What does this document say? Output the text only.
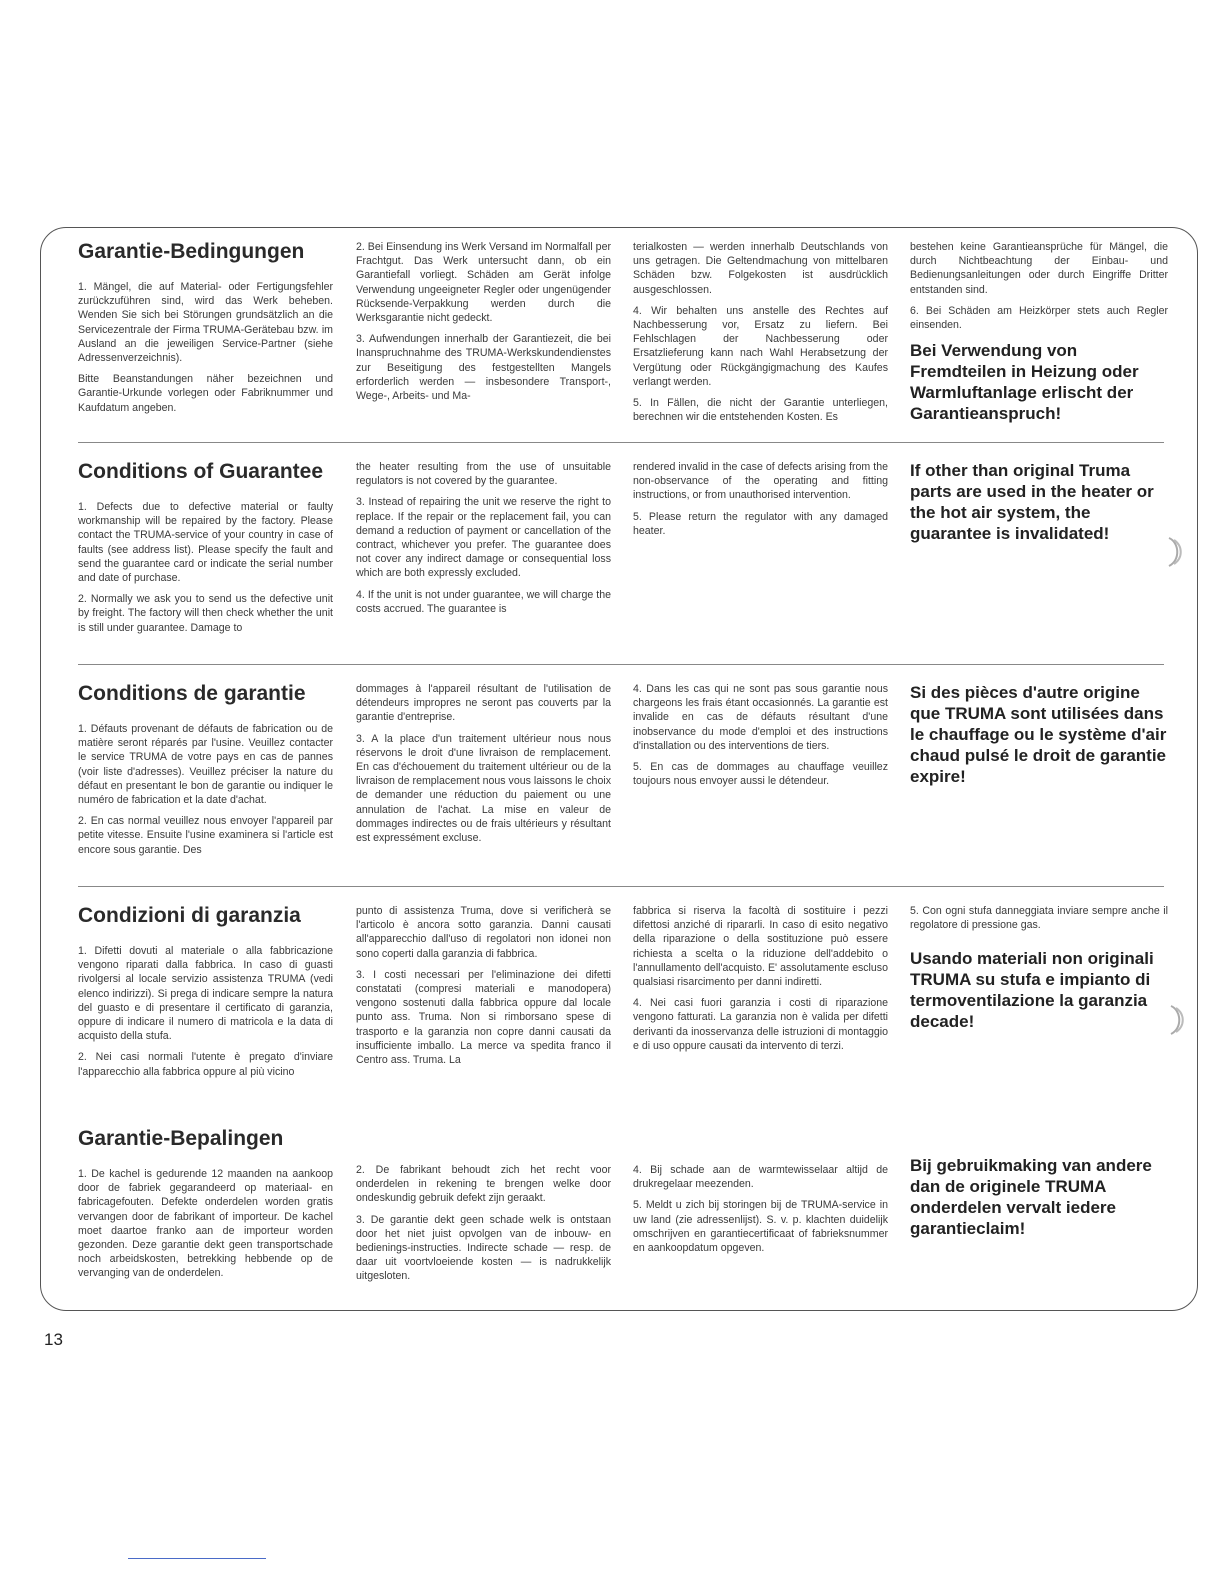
Garantie-Bedingungen

1. Mängel, die auf Material- oder Fertigungsfehler zurückzuführen sind, wird das Werk beheben. Wenden Sie sich bei Störungen grundsätzlich an die Servicezentrale der Firma TRUMA-Gerätebau bzw. im Ausland an die jeweiligen Service-Partner (siehe Adressenverzeichnis).

Bitte Beanstandungen näher bezeichnen und Garantie-Urkunde vorlegen oder Fabriknummer und Kaufdatum angeben.

2. Bei Einsendung ins Werk Versand im Normalfall per Frachtgut. Das Werk untersucht dann, ob ein Garantiefall vorliegt. Schäden am Gerät infolge Verwendung ungeeigneter Regler oder ungenügender Rücksende-Verpakkung werden durch die Werksgarantie nicht gedeckt.

3. Aufwendungen innerhalb der Garantiezeit, die bei Inanspruchnahme des TRUMA-Werkskundendienstes zur Beseitigung des festgestellten Mangels erforderlich werden — insbesondere Transport-, Wege-, Arbeits- und Ma-

terialkosten — werden innerhalb Deutschlands von uns getragen. Die Geltendmachung von mittelbaren Schäden bzw. Folgekosten ist ausdrücklich ausgeschlossen.

4. Wir behalten uns anstelle des Rechtes auf Nachbesserung vor, Ersatz zu liefern. Bei Fehlschlagen der Nachbesserung oder Ersatzlieferung kann nach Wahl Herabsetzung der Vergütung oder Rückgängigmachung des Kaufes verlangt werden.

5. In Fällen, die nicht der Garantie unterliegen, berechnen wir die entstehenden Kosten. Es

bestehen keine Garantieansprüche für Mängel, die durch Nichtbeachtung der Einbau- und Bedienungsanleitungen oder durch Eingriffe Dritter entstanden sind.

6. Bei Schäden am Heizkörper stets auch Regler einsenden.

Bei Verwendung von Fremdteilen in Heizung oder Warmluftanlage erlischt der Garantieanspruch!
Conditions of Guarantee

1. Defects due to defective material or faulty workmanship will be repaired by the factory. Please contact the TRUMA-service of your country in case of faults (see address list). Please specify the fault and send the guarantee card or indicate the serial number and date of purchase.

2. Normally we ask you to send us the defective unit by freight. The factory will then check whether the unit is still under guarantee. Damage to

the heater resulting from the use of unsuitable regulators is not covered by the guarantee.

3. Instead of repairing the unit we reserve the right to replace. If the repair or the replacement fail, you can demand a reduction of payment or cancellation of the contract, whichever you prefer. The guarantee does not cover any indirect damage or consequential loss which are both expressly excluded.

4. If the unit is not under guarantee, we will charge the costs accrued. The guarantee is

rendered invalid in the case of defects arising from the non-observance of the operating and fitting instructions, or from unauthorised intervention.

5. Please return the regulator with any damaged heater.

If other than original Truma parts are used in the heater or the hot air system, the guarantee is invalidated!
Conditions de garantie

1. Défauts provenant de défauts de fabrication ou de matière seront réparés par l'usine. Veuillez contacter le service TRUMA de votre pays en cas de pannes (voir liste d'adresses). Veuillez préciser la nature du défaut en presentant le bon de garantie ou indiquer le numéro de fabrication et la date d'achat.

2. En cas normal veuillez nous envoyer l'appareil par petite vitesse. Ensuite l'usine examinera si l'article est encore sous garantie. Des

dommages à l'appareil résultant de l'utilisation de détendeurs impropres ne seront pas couverts par la garantie d'entreprise.

3. A la place d'un traitement ultérieur nous nous réservons le droit d'une livraison de remplacement. En cas d'échouement du traitement ultérieur ou de la livraison de remplacement nous vous laissons le choix de demander une réduction du paiement ou une annulation de l'achat. La mise en valeur de dommages indirectes ou de frais ultérieurs y résultant est expressément excluse.

4. Dans les cas qui ne sont pas sous garantie nous chargeons les frais étant occasionnés. La garantie est invalide en cas de défauts résultant d'une inobservance du mode d'emploi et des instructions d'installation ou des interventions de tiers.

5. En cas de dommages au chauffage veuillez toujours nous envoyer aussi le détendeur.

Si des pièces d'autre origine que TRUMA sont utilisées dans le chauffage ou le système d'air chaud pulsé le droit de garantie expire!
Condizioni di garanzia

1. Difetti dovuti al materiale o alla fabbricazione vengono riparati dalla fabbrica. In caso di guasti rivolgersi al locale servizio assistenza TRUMA (vedi elenco indirizzi). Si prega di indicare sempre la natura del guasto e di presentare il certificato di garanzia, oppure di indicare il numero di matricola e la data di acquisto della stufa.

2. Nei casi normali l'utente è pregato d'inviare l'apparecchio alla fabbrica oppure al più vicino

punto di assistenza Truma, dove si verificherà se l'articolo è ancora sotto garanzia. Danni causati all'apparecchio dall'uso di regolatori non idonei non sono coperti dalla garanzia di fabbrica.

3. I costi necessari per l'eliminazione dei difetti constatati (compresi materiali e manodopera) vengono sostenuti dalla fabbrica oppure dal locale punto ass. Truma. Non si rimborsano spese di trasporto e la garanzia non copre danni causati da insufficiente imballo. La merce va spedita franco il Centro ass. Truma. La

fabbrica si riserva la facoltà di sostituire i pezzi difettosi anziché di ripararli. In caso di esito negativo della riparazione o della sostituzione può essere richiesta a scelta o la riduzione dell'addebito o l'annullamento dell'acquisto. E' assolutamente escluso qualsiasi risarcimento per danni indiretti.

4. Nei casi fuori garanzia i costi di riparazione vengono fatturati. La garanzia non è valida per difetti derivanti da inosservanza delle istruzioni di montaggio e di uso oppure causati da intervento di terzi.

5. Con ogni stufa danneggiata inviare sempre anche il regolatore di pressione gas.

Usando materiali non originali TRUMA su stufa e impianto di termoventilazione la garanzia decade!
Garantie-Bepalingen

1. De kachel is gedurende 12 maanden na aankoop door de fabriek gegarandeerd op materiaal- en fabricagefouten. Defekte onderdelen worden gratis vervangen door de fabrikant of importeur. De kachel moet daartoe franko aan de importeur worden gezonden. Deze garantie dekt geen transportschade noch arbeidskosten, betrekking hebbende op de vervanging van de onderdelen.

2. De fabrikant behoudt zich het recht voor onderdelen in rekening te brengen welke door ondeskundig gebruik defekt zijn geraakt.

3. De garantie dekt geen schade welk is ontstaan door het niet juist opvolgen van de inbouw- en bedienings-instructies. Indirecte schade — resp. de daar uit voortvloeiende kosten — is nadrukkelijk uitgesloten.

4. Bij schade aan de warmtewisselaar altijd de drukregelaar meezenden.

5. Meldt u zich bij storingen bij de TRUMA-service in uw land (zie adressenlijst). S. v. p. klachten duidelijk omschrijven en garantiecertificaat of fabrieksnummer en aankoopdatum opgeven.

Bij gebruikmaking van andere dan de originele TRUMA onderdelen vervalt iedere garantieclaim!
13
